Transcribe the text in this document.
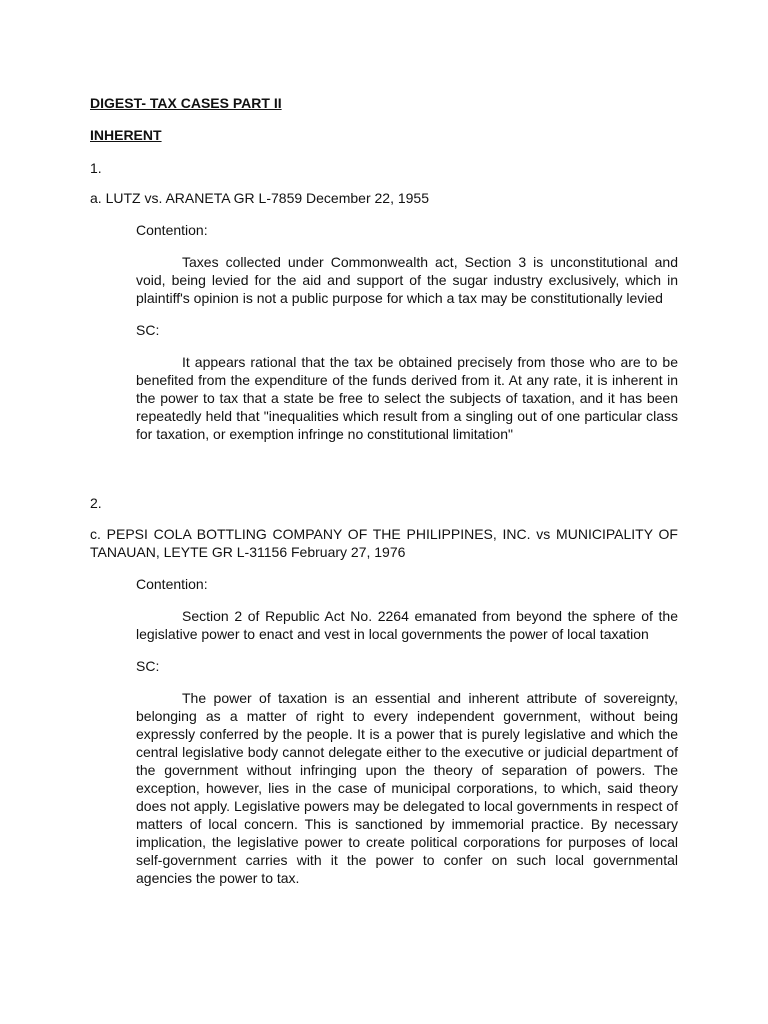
DIGEST- TAX CASES PART II

INHERENT

1.

a. LUTZ vs. ARANETA GR L-7859 December 22, 1955

Contention:

Taxes collected under Commonwealth act, Section 3 is unconstitutional and void, being levied for the aid and support of the sugar industry exclusively, which in plaintiff's opinion is not a public purpose for which a tax may be constitutionally levied

SC:

It appears rational that the tax be obtained precisely from those who are to be benefited from the expenditure of the funds derived from it. At any rate, it is inherent in the power to tax that a state be free to select the subjects of taxation, and it has been repeatedly held that "inequalities which result from a singling out of one particular class for taxation, or exemption infringe no constitutional limitation"

2.

c. PEPSI COLA BOTTLING COMPANY OF THE PHILIPPINES, INC. vs MUNICIPALITY OF TANAUAN, LEYTE GR L-31156 February 27, 1976

Contention:

Section 2 of Republic Act No. 2264 emanated from beyond the sphere of the legislative power to enact and vest in local governments the power of local taxation

SC:

The power of taxation is an essential and inherent attribute of sovereignty, belonging as a matter of right to every independent government, without being expressly conferred by the people. It is a power that is purely legislative and which the central legislative body cannot delegate either to the executive or judicial department of the government without infringing upon the theory of separation of powers. The exception, however, lies in the case of municipal corporations, to which, said theory does not apply. Legislative powers may be delegated to local governments in respect of matters of local concern. This is sanctioned by immemorial practice. By necessary implication, the legislative power to create political corporations for purposes of local self-government carries with it the power to confer on such local governmental agencies the power to tax.
